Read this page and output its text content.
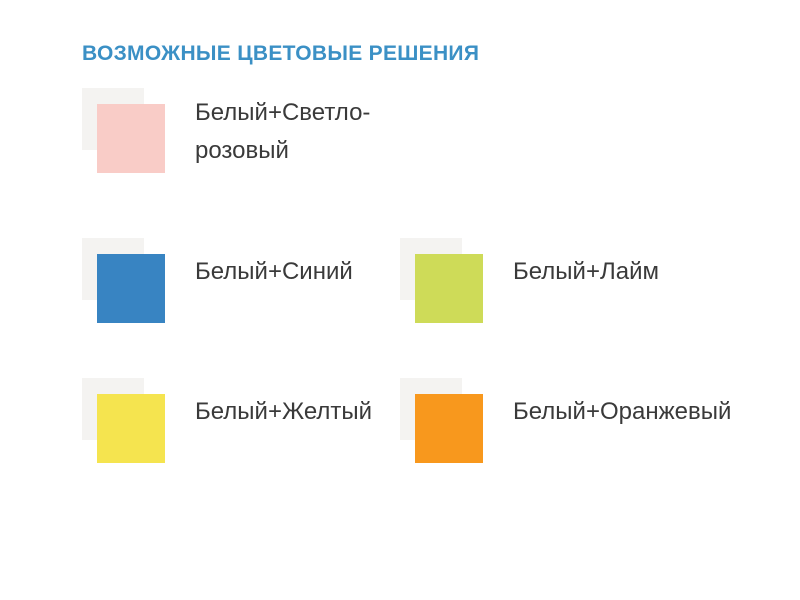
ВОЗМОЖНЫЕ ЦВЕТОВЫЕ РЕШЕНИЯ
Белый+Светло-
розовый
Белый+Синий	Белый+Лайм
Белый+Желтый	Белый+Оранжевый
